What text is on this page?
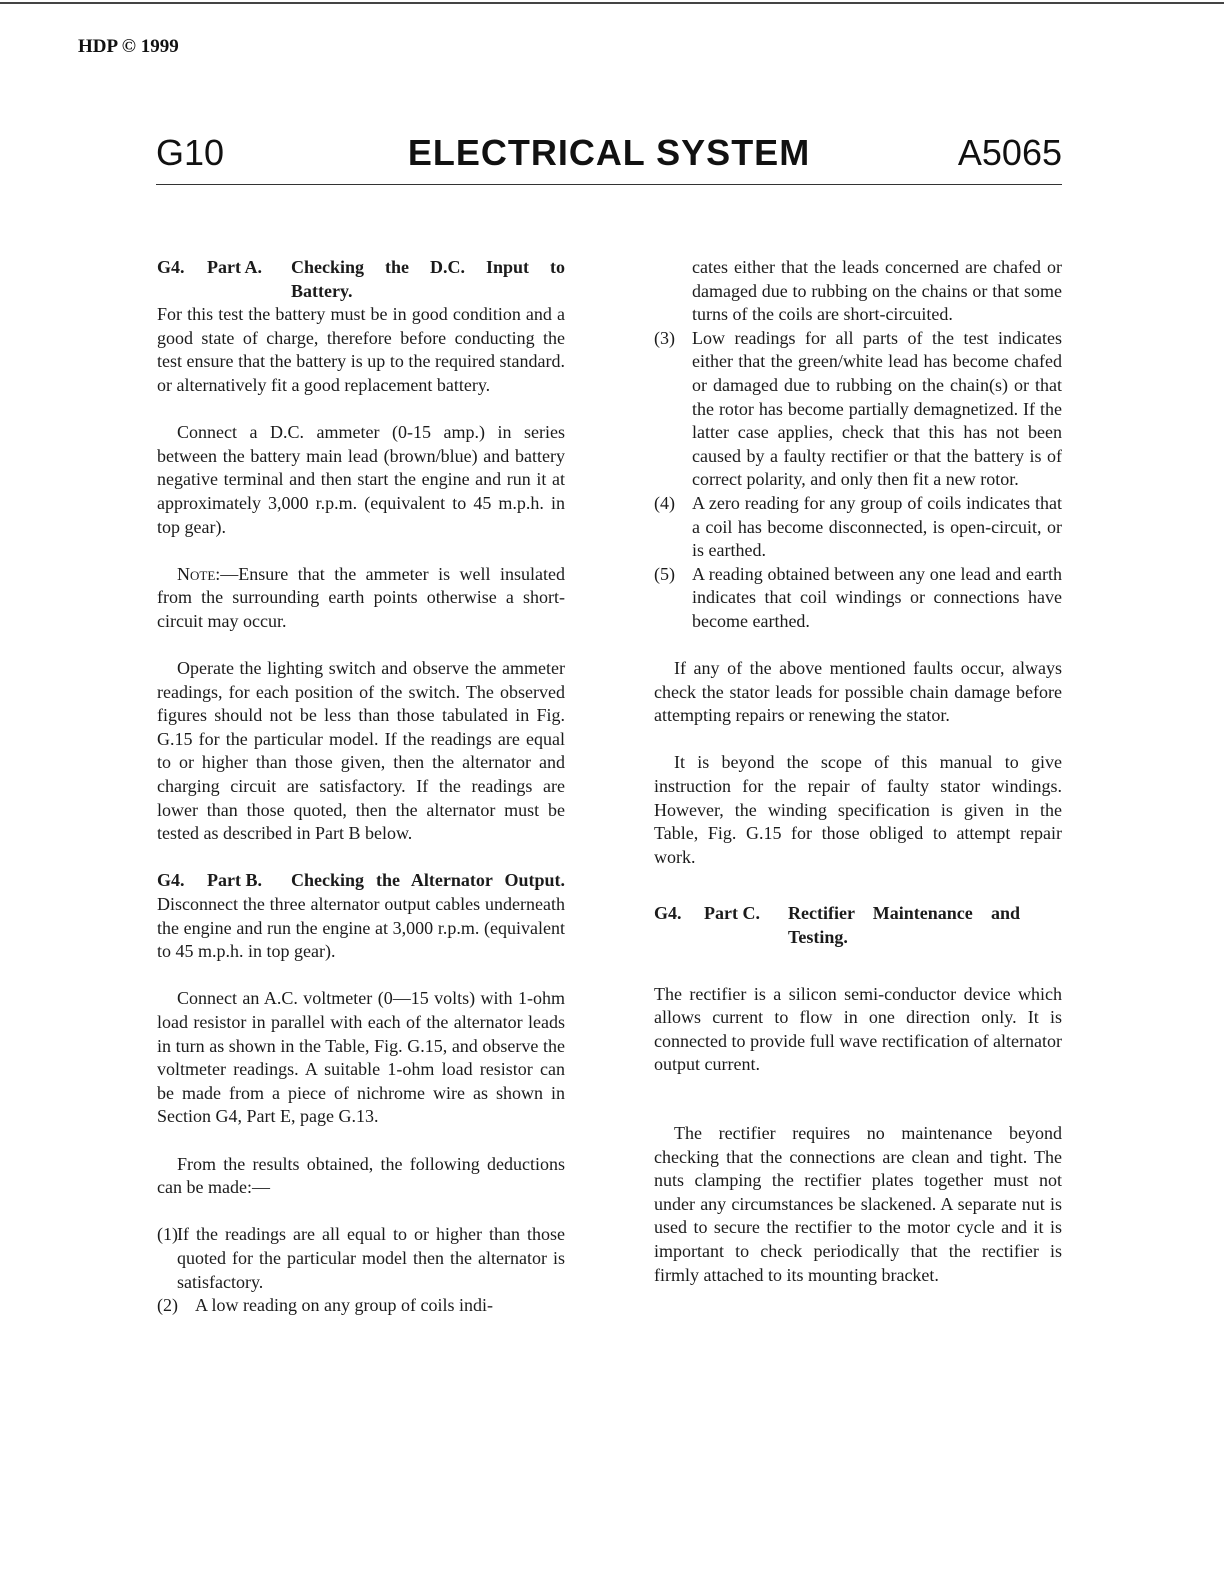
HDP © 1999
G10	ELECTRICAL SYSTEM	A5065
G4.	Part A.	Checking the D.C. Input to
Battery.

For this test the battery must be in good condition and a good state of charge, therefore before conducting the test ensure that the battery is up to the required standard. or alternatively fit a good replacement battery.

Connect a D.C. ammeter (0-15 amp.) in series between the battery main lead (brown/blue) and battery negative terminal and then start the engine and run it at approximately 3,000 r.p.m. (equivalent to 45 m.p.h. in top gear).

Note:—Ensure that the ammeter is well insulated from the surrounding earth points otherwise a short-circuit may occur.

Operate the lighting switch and observe the ammeter readings, for each position of the switch. The observed figures should not be less than those tabulated in Fig. G.15 for the particular model. If the readings are equal to or higher than those given, then the alternator and charging circuit are satisfactory. If the readings are lower than those quoted, then the alternator must be tested as described in Part B below.

G4.	Part B.	Checking the Alternator Output.

Disconnect the three alternator output cables underneath the engine and run the engine at 3,000 r.p.m. (equivalent to 45 m.p.h. in top gear).

Connect an A.C. voltmeter (0—15 volts) with 1-ohm load resistor in parallel with each of the alternator leads in turn as shown in the Table, Fig. G.15, and observe the voltmeter readings. A suitable 1-ohm load resistor can be made from a piece of nichrome wire as shown in Section G4, Part E, page G.13.

From the results obtained, the following deductions can be made:—

(1) If the readings are all equal to or higher than those quoted for the particular model then the alternator is satisfactory.
(2) A low reading on any group of coils indi-

cates either that the leads concerned are chafed or damaged due to rubbing on the chains or that some turns of the coils are short-circuited.

(3) Low readings for all parts of the test indicates either that the green/white lead has become chafed or damaged due to rubbing on the chain(s) or that the rotor has become partially demagnetized. If the latter case applies, check that this has not been caused by a faulty rectifier or that the battery is of correct polarity, and only then fit a new rotor.
(4) A zero reading for any group of coils indicates that a coil has become disconnected, is open-circuit, or is earthed.
(5) A reading obtained between any one lead and earth indicates that coil windings or connections have become earthed.

If any of the above mentioned faults occur, always check the stator leads for possible chain damage before attempting repairs or renewing the stator.

It is beyond the scope of this manual to give instruction for the repair of faulty stator windings. However, the winding specification is given in the Table, Fig. G.15 for those obliged to attempt repair work.

G4.	Part C.	Rectifier Maintenance and
Testing.

The rectifier is a silicon semi-conductor device which allows current to flow in one direction only. It is connected to provide full wave rectification of alternator output current.

The rectifier requires no maintenance beyond checking that the connections are clean and tight. The nuts clamping the rectifier plates together must not under any circumstances be slackened. A separate nut is used to secure the rectifier to the motor cycle and it is important to check periodically that the rectifier is firmly attached to its mounting bracket.
